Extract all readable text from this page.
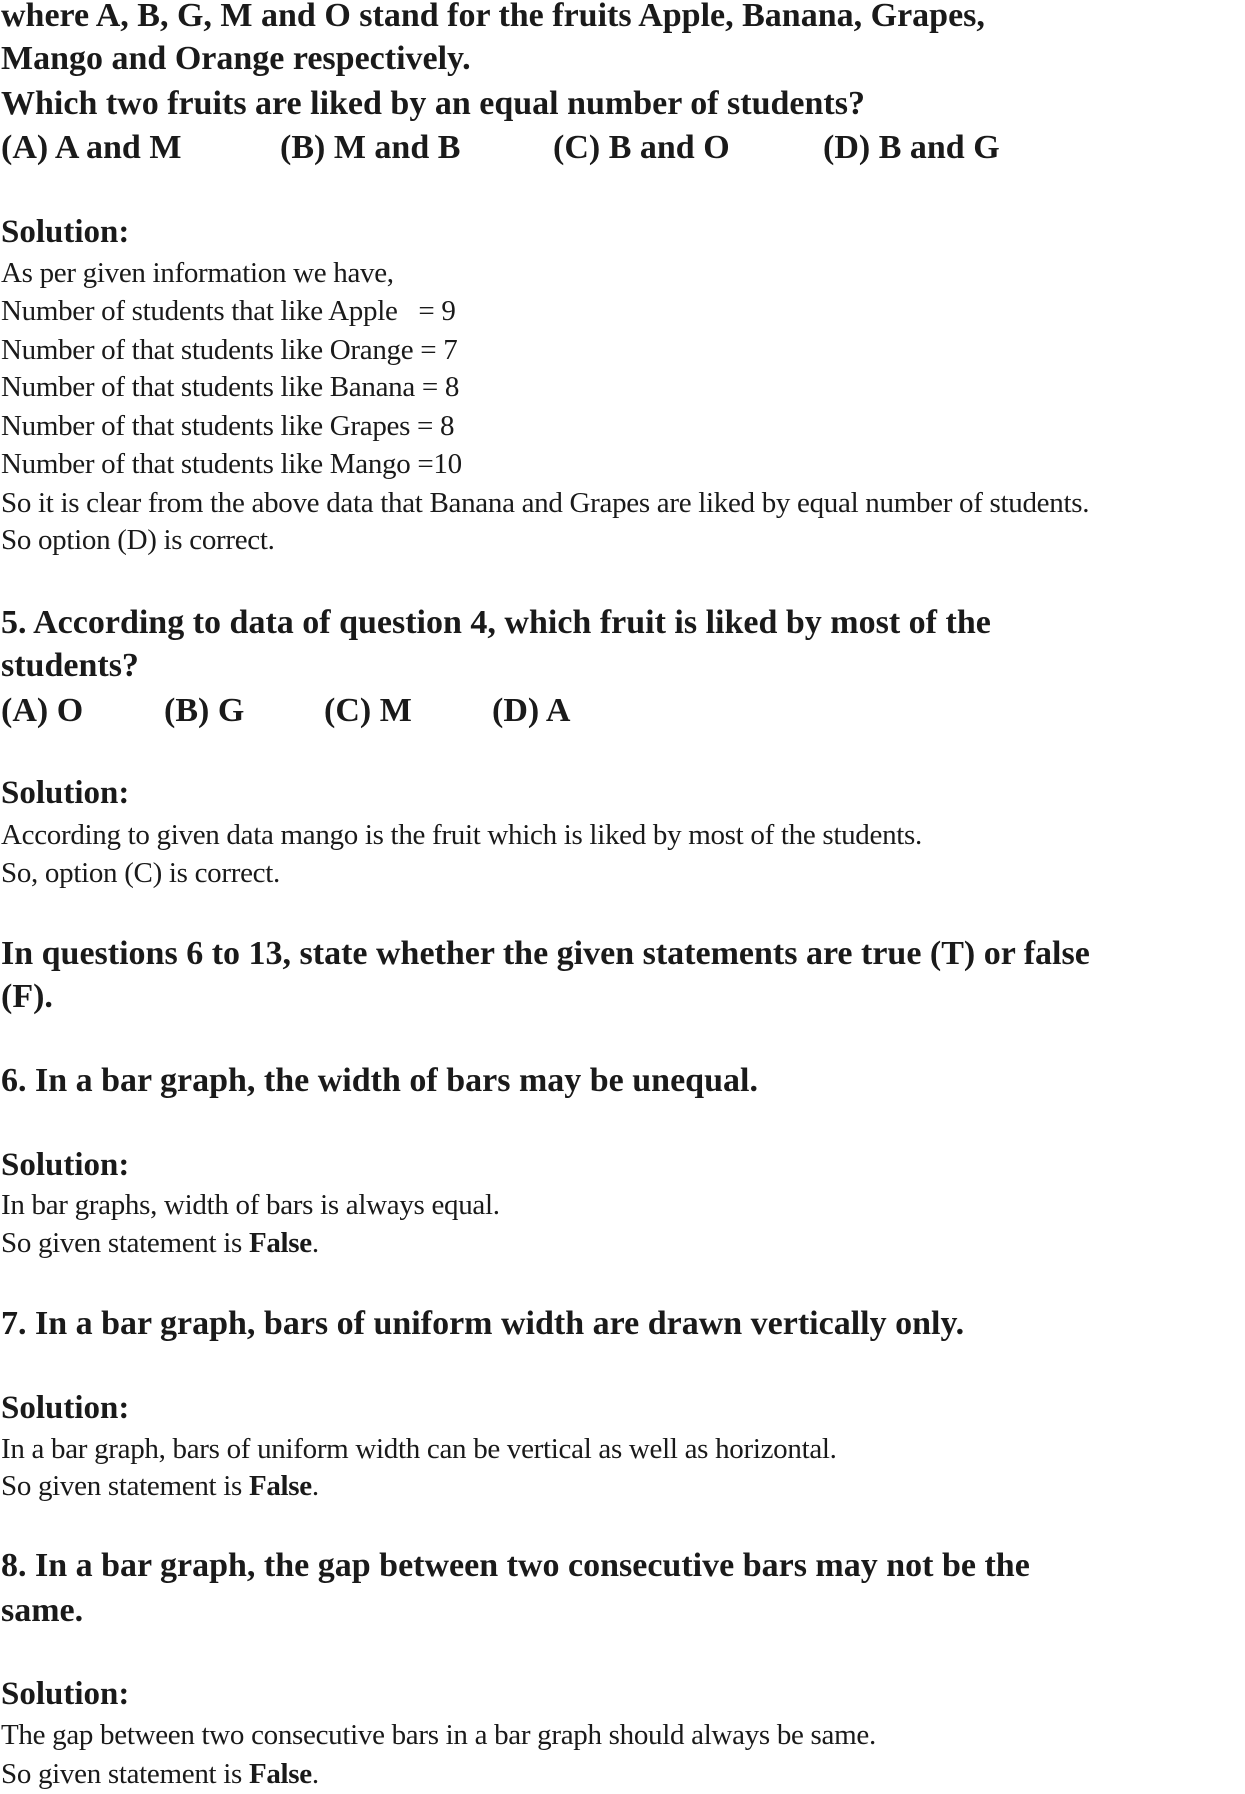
where A, B, G, M and O stand for the fruits Apple, Banana, Grapes,
Mango and Orange respectively.
Which two fruits are liked by an equal number of students?

(A) A and M

	(B) M and B

	(C) B and O

	(D) B and G

Solution:
As per given information we have,
Number of students that like Apple   = 9
Number of that students like Orange = 7
Number of that students like Banana = 8
Number of that students like Grapes = 8
Number of that students like Mango =10
So it is clear from the above data that Banana and Grapes are liked by equal number of students.
So option (D) is correct.
5. According to data of question 4, which fruit is liked by most of the
students?

(A) O

(B) G

(C) M

(D) A

Solution:
According to given data mango is the fruit which is liked by most of the students.
So, option (C) is correct.
In questions 6 to 13, state whether the given statements are true (T) or false
(F).
6. In a bar graph, the width of bars may be unequal.
Solution:
In bar graphs, width of bars is always equal.
So given statement is False.
7. In a bar graph, bars of uniform width are drawn vertically only.
Solution:
In a bar graph, bars of uniform width can be vertical as well as horizontal.
So given statement is False.
8. In a bar graph, the gap between two consecutive bars may not be the
same.
Solution:
The gap between two consecutive bars in a bar graph should always be same.
So given statement is False.
